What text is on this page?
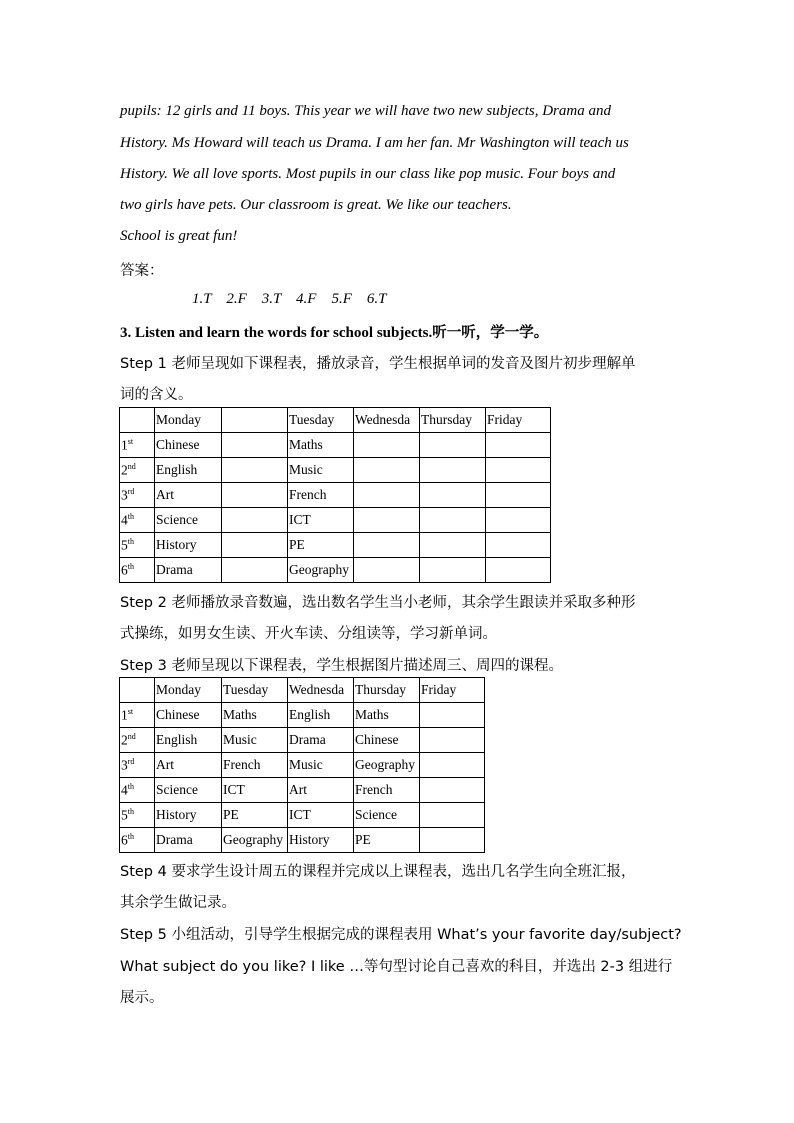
pupils: 12 girls and 11 boys. This year we will have two new subjects, Drama and
History. Ms Howard will teach us Drama. I am her fan. Mr Washington will teach us
History. We all love sports. Most pupils in our class like pop music. Four boys and
two girls have pets. Our classroom is great. We like our teachers.
School is great fun!
答案：
1.T    2.F    3.T    4.F    5.F    6.T
3. Listen and learn the words for school subjects.听一听，学一学。
Step 1 老师呈现如下课程表，播放录音，学生根据单词的发音及图片初步理解单
词的含义。
	Monday		Tuesday	Wednesda	Thursday	Friday
1st	Chinese		Maths			
2nd	English		Music			
3rd	Art		French			
4th	Science		ICT			
5th	History		PE			
6th	Drama		Geography			
Step 2 老师播放录音数遍，选出数名学生当小老师，其余学生跟读并采取多种形
式操练，如男女生读、开火车读、分组读等，学习新单词。
Step 3 老师呈现以下课程表，学生根据图片描述周三、周四的课程。
	Monday	Tuesday	Wednesda	Thursday	Friday
1st	Chinese	Maths	English	Maths	
2nd	English	Music	Drama	Chinese	
3rd	Art	French	Music	Geography	
4th	Science	ICT	Art	French	
5th	History	PE	ICT	Science	
6th	Drama	Geography	History	PE	
Step 4 要求学生设计周五的课程并完成以上课程表，选出几名学生向全班汇报，
其余学生做记录。
Step 5 小组活动，引导学生根据完成的课程表用 What’s your favorite day/subject?
What subject do you like? I like …等句型讨论自己喜欢的科目，并选出 2-3 组进行
展示。
